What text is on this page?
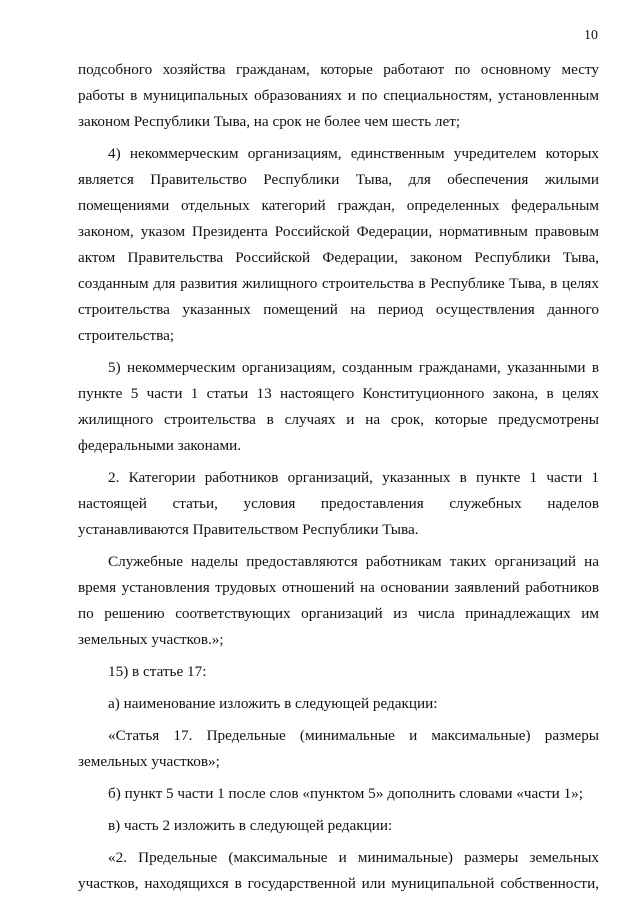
10
подсобного хозяйства гражданам, которые работают по основному месту
работы в муниципальных образованиях и по специальностям, установленным
законом Республики Тыва, на срок не более чем шесть лет;
4) некоммерческим организациям, единственным учредителем которых
является Правительство Республики Тыва, для обеспечения жилыми
помещениями отдельных категорий граждан, определенных федеральным
законом, указом Президента Российской Федерации, нормативным правовым
актом Правительства Российской Федерации, законом Республики Тыва,
созданным для развития жилищного строительства в Республике Тыва, в целях
строительства указанных помещений на период осуществления данного
строительства;
5) некоммерческим организациям, созданным гражданами, указанными в
пункте 5 части 1 статьи 13 настоящего Конституционного закона, в целях
жилищного строительства в случаях и на срок, которые предусмотрены
федеральными законами.
2. Категории работников организаций, указанных в пункте 1 части 1
настоящей статьи, условия предоставления служебных наделов
устанавливаются Правительством Республики Тыва.
Служебные наделы предоставляются работникам таких организаций на
время установления трудовых отношений на основании заявлений работников
по решению соответствующих организаций из числа принадлежащих им
земельных участков.»;
15) в статье 17:
а) наименование изложить в следующей редакции:
«Статья 17. Предельные (минимальные и максимальные) размеры
земельных участков»;
б) пункт 5 части 1 после слов «пунктом 5» дополнить словами «части 1»;
в) часть 2 изложить в следующей редакции:
«2. Предельные (максимальные и минимальные) размеры земельных
участков, находящихся в государственной или муниципальной собственности,
